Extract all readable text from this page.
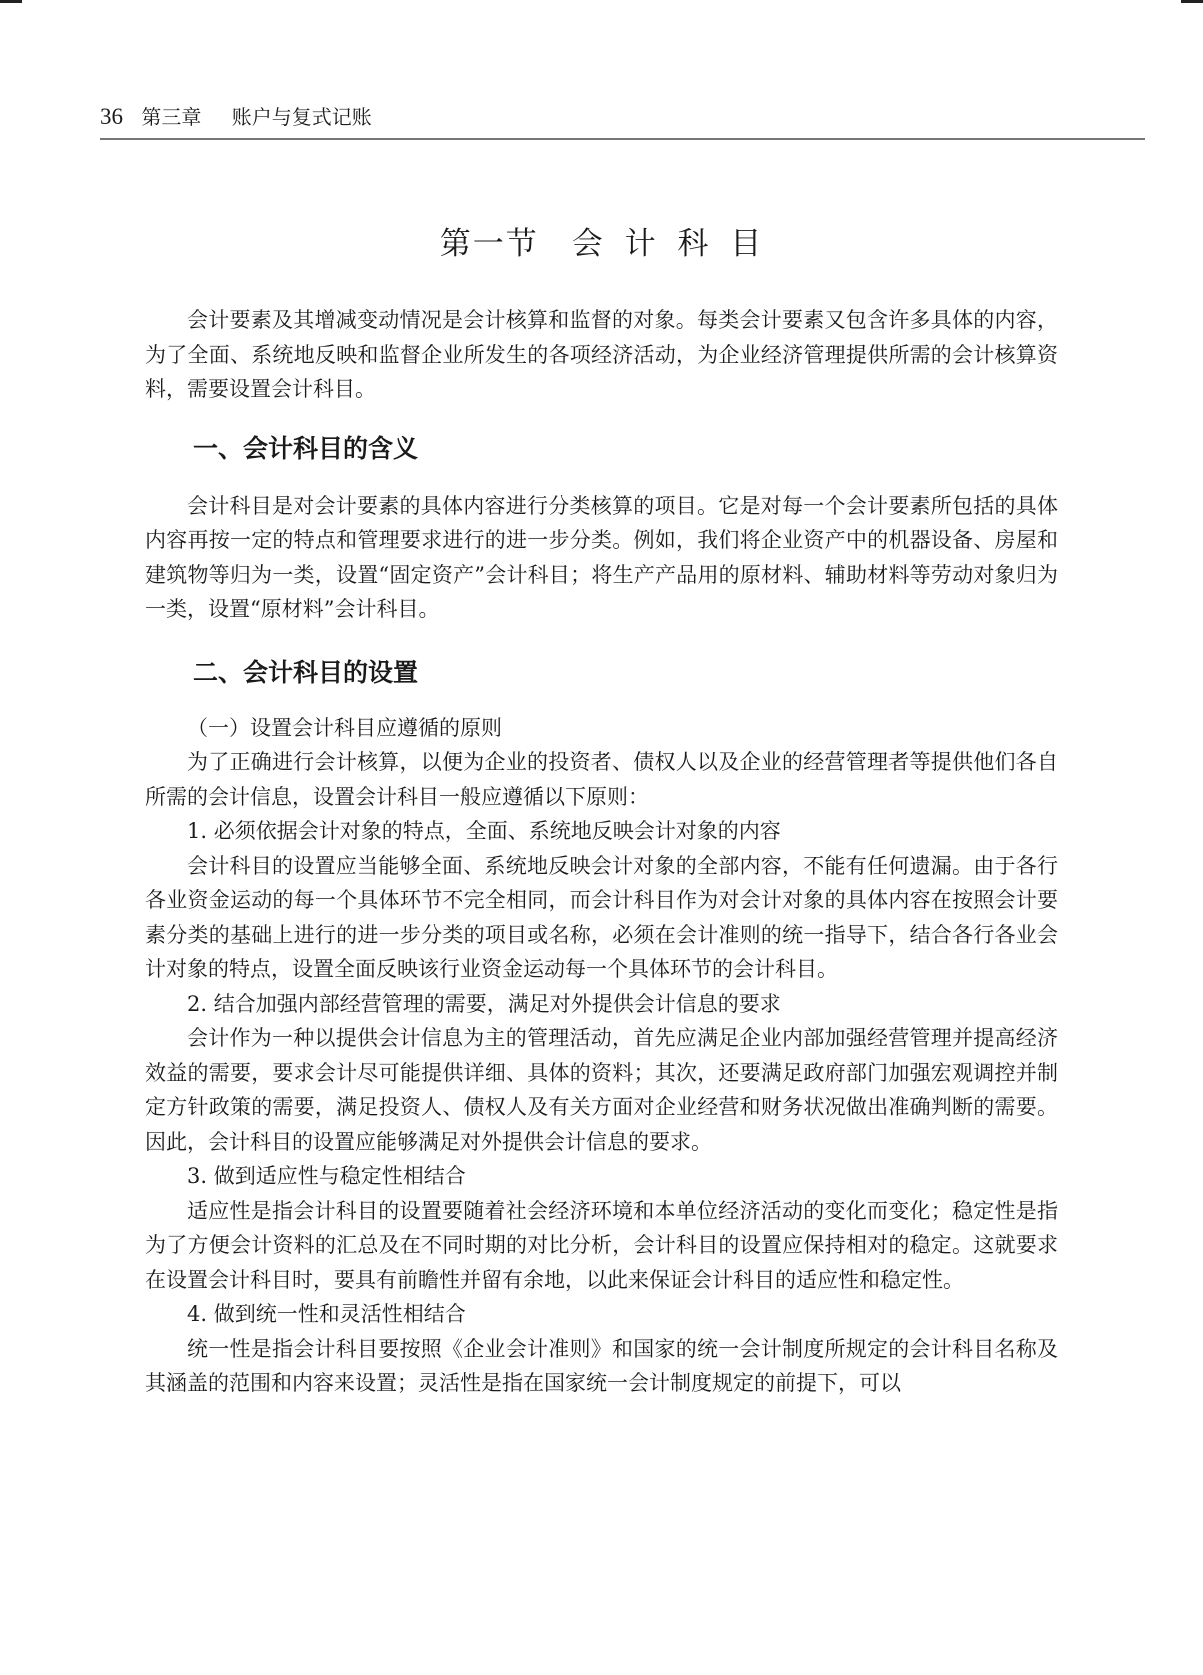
36 第三章 账户与复式记账
第一节　会 计 科 目

会计要素及其增减变动情况是会计核算和监督的对象。每类会计要素又包含许多具体的内容，为了全面、系统地反映和监督企业所发生的各项经济活动，为企业经济管理提供所需的会计核算资料，需要设置会计科目。

一、会计科目的含义

会计科目是对会计要素的具体内容进行分类核算的项目。它是对每一个会计要素所包括的具体内容再按一定的特点和管理要求进行的进一步分类。例如，我们将企业资产中的机器设备、房屋和建筑物等归为一类，设置“固定资产”会计科目；将生产产品用的原材料、辅助材料等劳动对象归为一类，设置“原材料”会计科目。

二、会计科目的设置

（一）设置会计科目应遵循的原则

为了正确进行会计核算，以便为企业的投资者、债权人以及企业的经营管理者等提供他们各自所需的会计信息，设置会计科目一般应遵循以下原则：

1. 必须依据会计对象的特点，全面、系统地反映会计对象的内容

会计科目的设置应当能够全面、系统地反映会计对象的全部内容，不能有任何遗漏。由于各行各业资金运动的每一个具体环节不完全相同，而会计科目作为对会计对象的具体内容在按照会计要素分类的基础上进行的进一步分类的项目或名称，必须在会计准则的统一指导下，结合各行各业会计对象的特点，设置全面反映该行业资金运动每一个具体环节的会计科目。

2. 结合加强内部经营管理的需要，满足对外提供会计信息的要求

会计作为一种以提供会计信息为主的管理活动，首先应满足企业内部加强经营管理并提高经济效益的需要，要求会计尽可能提供详细、具体的资料；其次，还要满足政府部门加强宏观调控并制定方针政策的需要，满足投资人、债权人及有关方面对企业经营和财务状况做出准确判断的需要。因此，会计科目的设置应能够满足对外提供会计信息的要求。

3. 做到适应性与稳定性相结合

适应性是指会计科目的设置要随着社会经济环境和本单位经济活动的变化而变化；稳定性是指为了方便会计资料的汇总及在不同时期的对比分析，会计科目的设置应保持相对的稳定。这就要求在设置会计科目时，要具有前瞻性并留有余地，以此来保证会计科目的适应性和稳定性。

4. 做到统一性和灵活性相结合

统一性是指会计科目要按照《企业会计准则》和国家的统一会计制度所规定的会计科目名称及其涵盖的范围和内容来设置；灵活性是指在国家统一会计制度规定的前提下，可以
